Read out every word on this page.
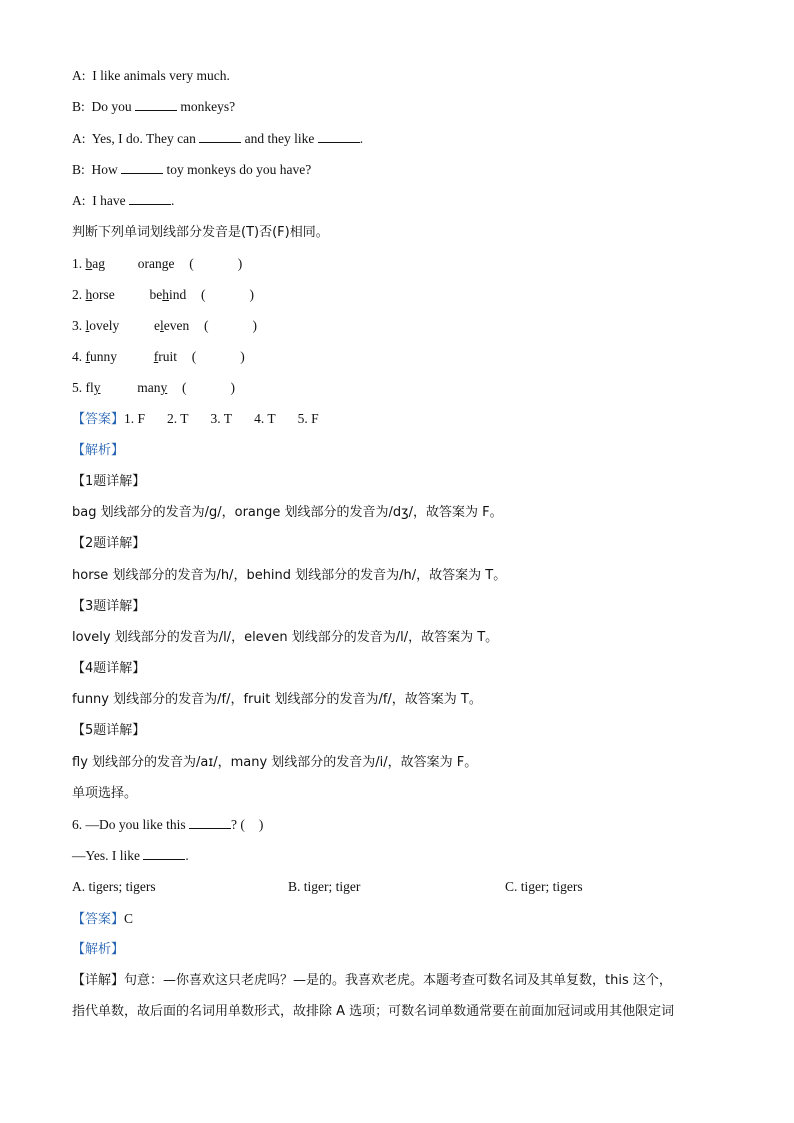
A: I like animals very much.
B: Do you	monkeys?
A: Yes, I do. They can	and they like	.
B: How	toy monkeys do you have?
A: I have	.
判断下列单词划线部分发音是(T)否(F)相同。
1. bag orange (	)
2. horse	behind (	)
3. lovely	eleven (	)
4. funny	fruit (	)
5. fly	many (	)
【答案】1. F 2. T 3. T 4. T 5. F
【解析】
【1题详解】
bag 划线部分的发音为/g/，orange 划线部分的发音为/dʒ/，故答案为 F。
【2题详解】
horse 划线部分的发音为/h/，behind 划线部分的发音为/h/，故答案为 T。
【3题详解】
lovely 划线部分的发音为/l/，eleven 划线部分的发音为/l/，故答案为 T。
【4题详解】
funny 划线部分的发音为/f/，fruit 划线部分的发音为/f/，故答案为 T。
【5题详解】
fly 划线部分的发音为/aɪ/，many 划线部分的发音为/i/，故答案为 F。
单项选择。
6. —Do you like this	? ( )
—Yes. I like	.
A. tigers; tigers	B. tiger; tiger	C. tiger; tigers
【答案】C
【解析】
【详解】句意：—你喜欢这只老虎吗？—是的。我喜欢老虎。本题考查可数名词及其单复数，this 这个，
指代单数，故后面的名词用单数形式，故排除 A 选项；可数名词单数通常要在前面加冠词或用其他限定词
